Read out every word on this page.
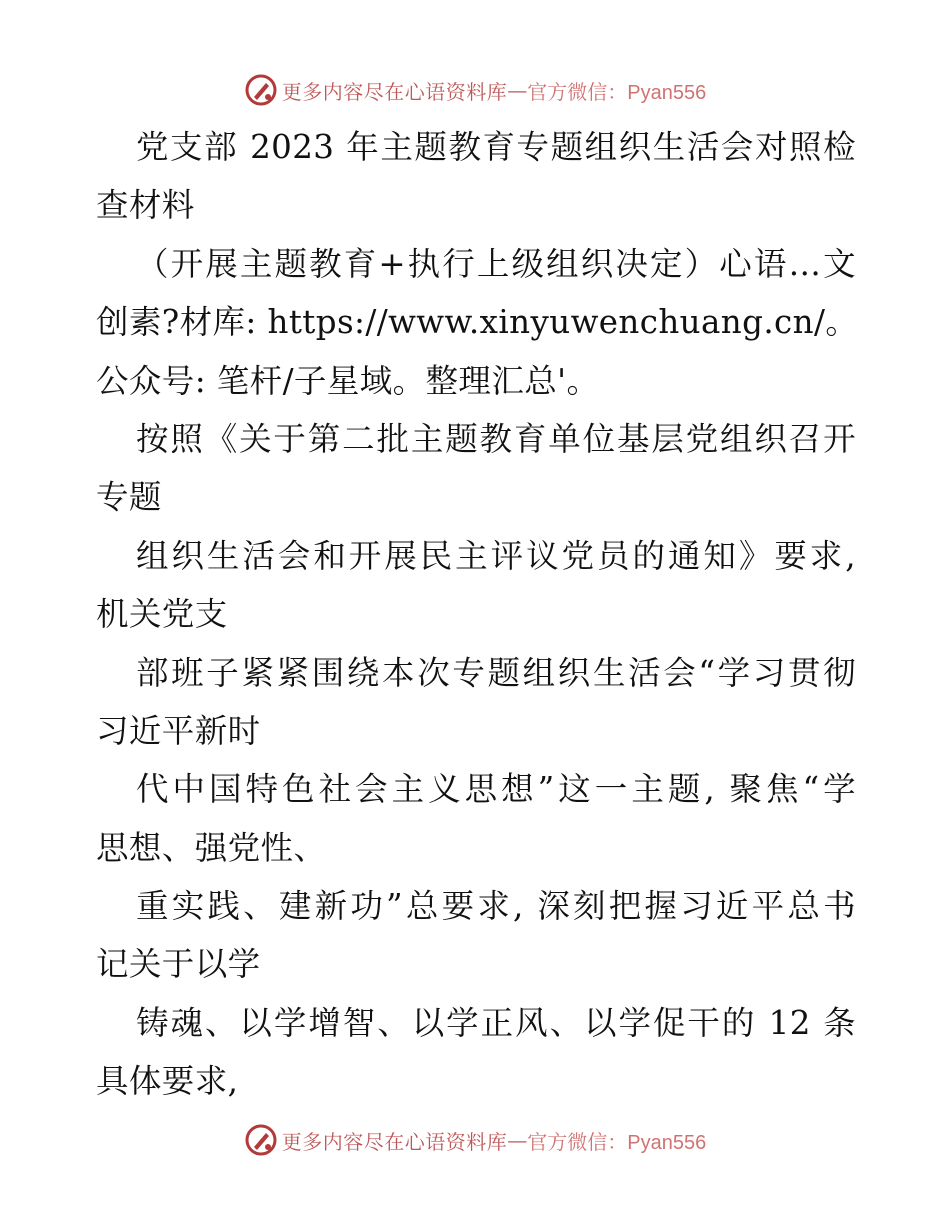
更多内容尽在心语资料库 — 官方微信：Pyan556
党支部 2023 年主题教育专题组织生活会对照检
查材料
（开展主题教育+执行上级组织决定）心语…文
创素?材库: https://www.xinyuwenchuang.cn/。
公众号: 笔杆/子星域。整理汇总'。
按照《关于第二批主题教育单位基层党组织召开
专题
组织生活会和开展民主评议党员的通知》要求,
机关党支
部班子紧紧围绕本次专题组织生活会“学习贯彻
习近平新时
代中国特色社会主义思想”这一主题, 聚焦“学
思想、强党性、
重实践、建新功”总要求, 深刻把握习近平总书
记关于以学
铸魂、以学增智、以学正风、以学促干的 12 条
具体要求,
更多内容尽在心语资料库 — 官方微信：Pyan556
